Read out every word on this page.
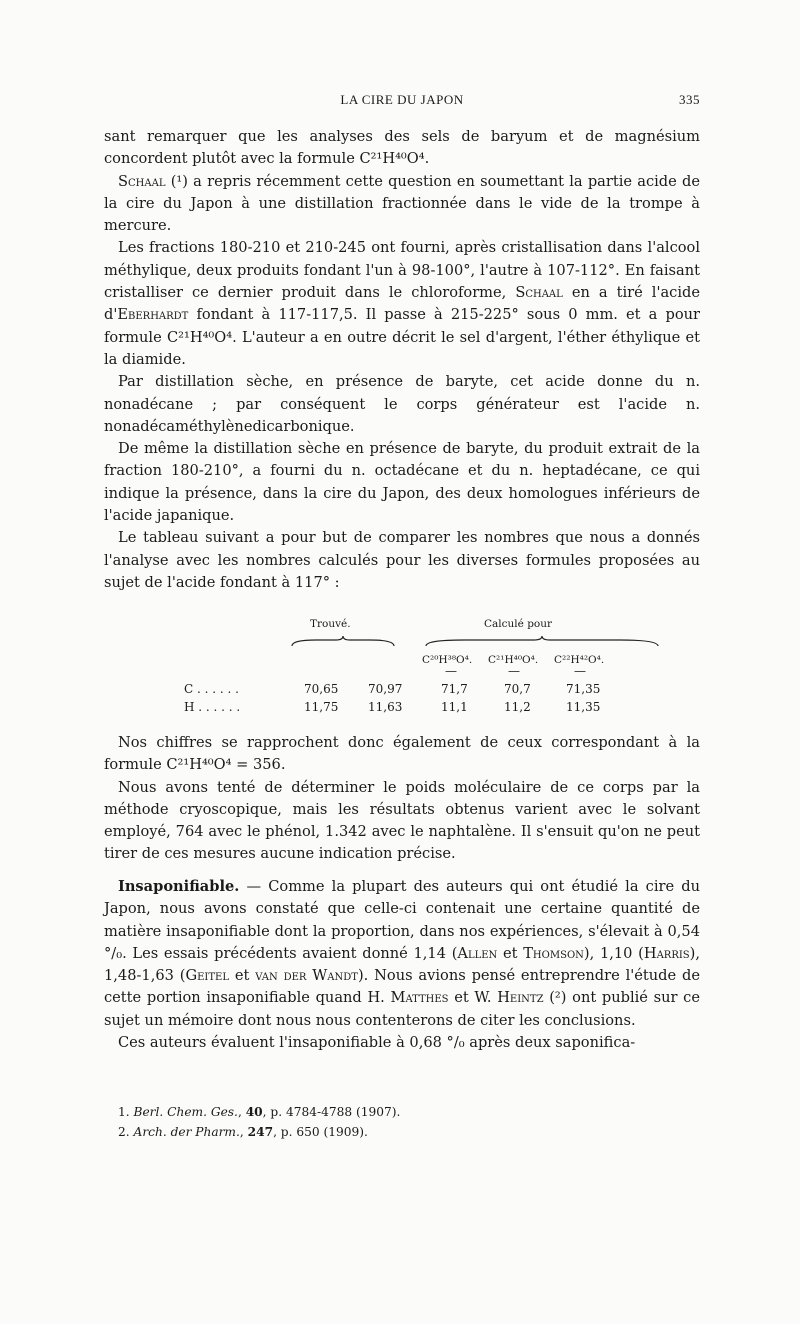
LA CIRE DU JAPON	335

sant remarquer que les analyses des sels de baryum et de magnésium concordent plutôt avec la formule C²¹H⁴⁰O⁴.

Schaal (¹) a repris récemment cette question en soumettant la partie acide de la cire du Japon à une distillation fractionnée dans le vide de la trompe à mercure.

Les fractions 180-210 et 210-245 ont fourni, après cristallisation dans l'alcool méthylique, deux produits fondant l'un à 98-100°, l'autre à 107-112°. En faisant cristalliser ce dernier produit dans le chloroforme, Schaal en a tiré l'acide d'Eberhardt fondant à 117-117,5. Il passe à 215-225° sous 0 mm. et a pour formule C²¹H⁴⁰O⁴. L'auteur a en outre décrit le sel d'argent, l'éther éthylique et la diamide.

Par distillation sèche, en présence de baryte, cet acide donne du n. nonadécane ; par conséquent le corps générateur est l'acide n. nonadécaméthylènedicarbonique.

De même la distillation sèche en présence de baryte, du produit extrait de la fraction 180-210°, a fourni du n. octadécane et du n. heptadécane, ce qui indique la présence, dans la cire du Japon, des deux homologues inférieurs de l'acide japanique.

Le tableau suivant a pour but de comparer les nombres que nous a donnés l'analyse avec les nombres calculés pour les diverses formules proposées au sujet de l'acide fondant à 117° :

Trouvé.	Calculé pour
C²⁰H³⁸O⁴. C²¹H⁴⁰O⁴. C²²H⁴²O⁴.
—	—	—
C . . . . . .	70,65 70,97	71,7	70,7	71,35
H . . . . . .	11,75 11,63	11,1	11,2	11,35

Nos chiffres se rapprochent donc également de ceux correspondant à la formule C²¹H⁴⁰O⁴ = 356.

Nous avons tenté de déterminer le poids moléculaire de ce corps par la méthode cryoscopique, mais les résultats obtenus varient avec le solvant employé, 764 avec le phénol, 1.342 avec le naphtalène. Il s'ensuit qu'on ne peut tirer de ces mesures aucune indication précise.

Insaponifiable. — Comme la plupart des auteurs qui ont étudié la cire du Japon, nous avons constaté que celle-ci contenait une certaine quantité de matière insaponifiable dont la proportion, dans nos expériences, s'élevait à 0,54 °/₀. Les essais précédents avaient donné 1,14 (Allen et Thomson), 1,10 (Harris), 1,48-1,63 (Geitel et van der Wandt). Nous avions pensé entreprendre l'étude de cette portion insaponifiable quand H. Matthes et W. Heintz (²) ont publié sur ce sujet un mémoire dont nous nous contenterons de citer les conclusions.

Ces auteurs évaluent l'insaponifiable à 0,68 °/₀ après deux saponifica-

1. Berl. Chem. Ges., 40, p. 4784-4788 (1907).
2. Arch. der Pharm., 247, p. 650 (1909).
